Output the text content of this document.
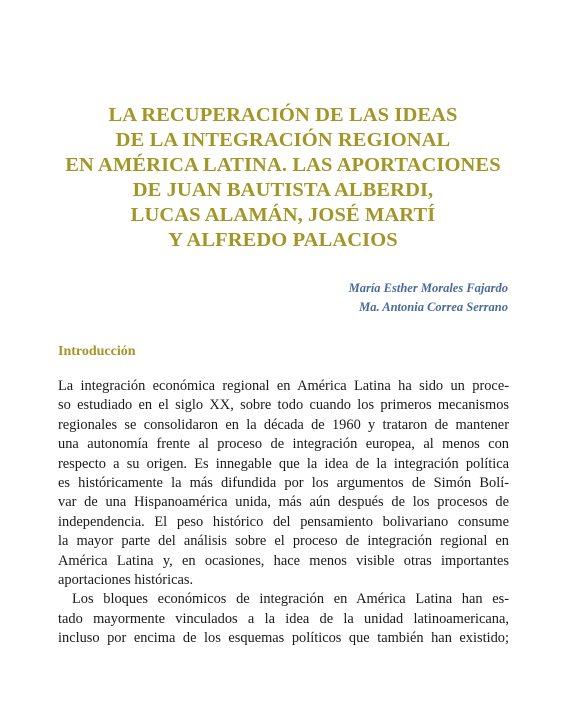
LA RECUPERACIÓN DE LAS IDEAS
DE LA INTEGRACIÓN REGIONAL
EN AMÉRICA LATINA. LAS APORTACIONES
DE JUAN BAUTISTA ALBERDI,
LUCAS ALAMÁN, JOSÉ MARTÍ
Y ALFREDO PALACIOS
María Esther Morales Fajardo
Ma. Antonia Correa Serrano
Introducción
La integración económica regional en América Latina ha sido un proce-
so estudiado en el siglo XX, sobre todo cuando los primeros mecanismos
regionales se consolidaron en la década de 1960 y trataron de mantener
una autonomía frente al proceso de integración europea, al menos con
respecto a su origen. Es innegable que la idea de la integración política
es históricamente la más difundida por los argumentos de Simón Bolí-
var de una Hispanoamérica unida, más aún después de los procesos de
independencia. El peso histórico del pensamiento bolivariano consume
la mayor parte del análisis sobre el proceso de integración regional en
América Latina y, en ocasiones, hace menos visible otras importantes
aportaciones históricas.
Los bloques económicos de integración en América Latina han es-
tado mayormente vinculados a la idea de la unidad latinoamericana,
incluso por encima de los esquemas políticos que también han existido;
